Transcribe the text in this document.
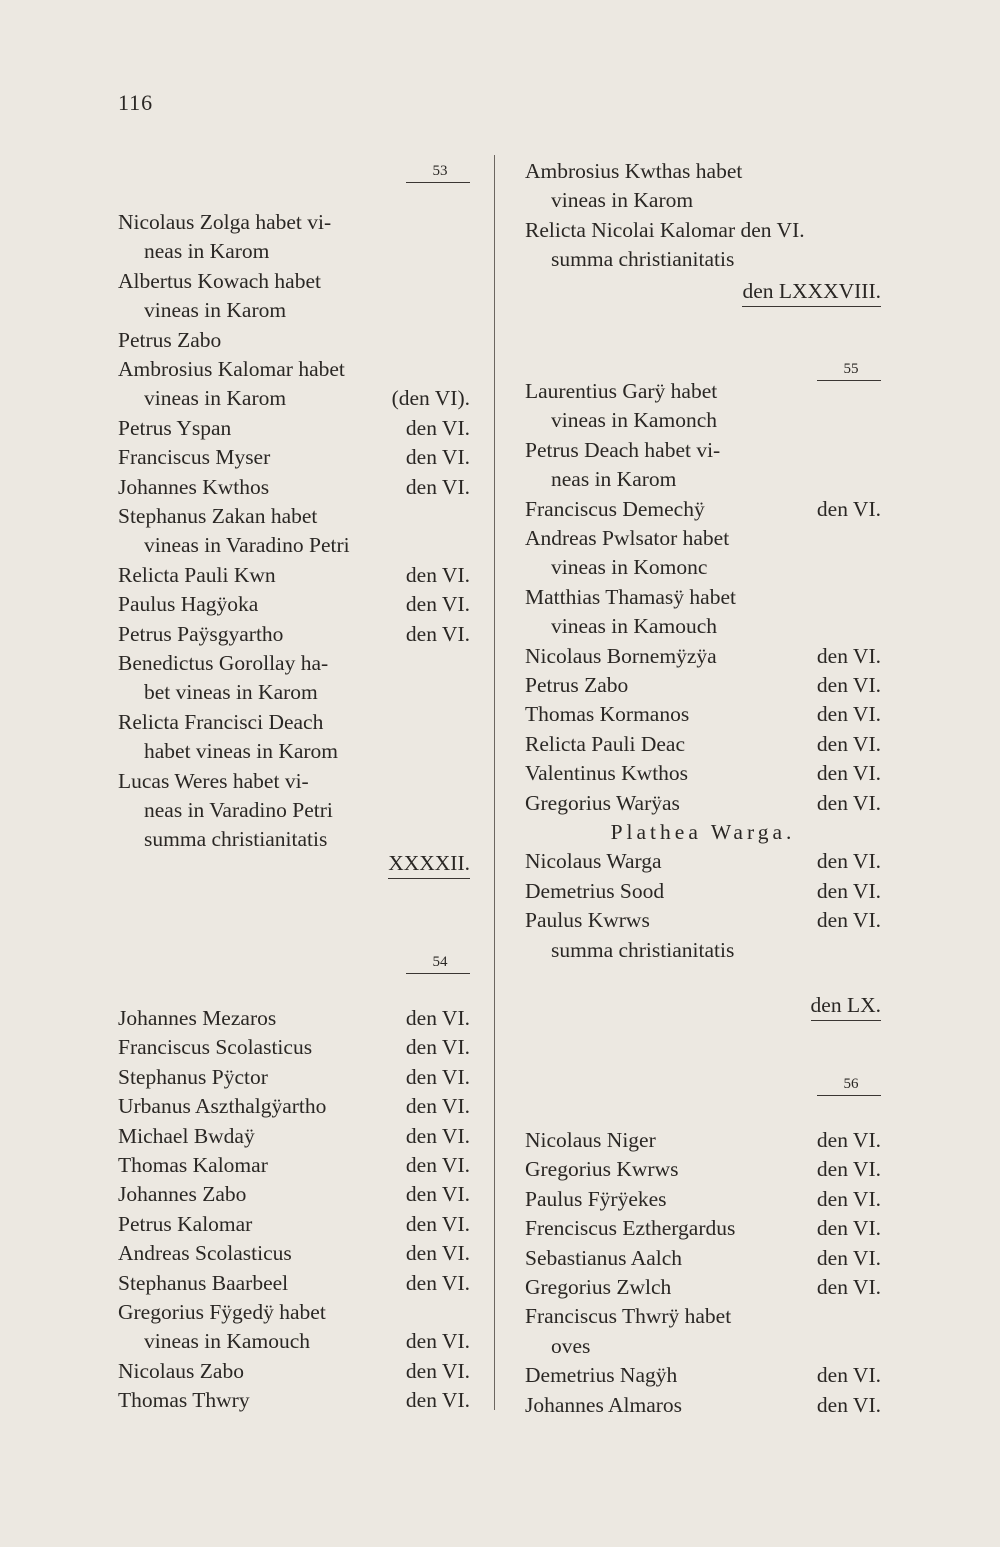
116
53
Nicolaus Zolga habet vi-
neas in Karom
Albertus Kowach habet
vineas in Karom
Petrus Zabo
Ambrosius Kalomar habet
vineas in Karom	(den VI).
Petrus Yspan	den VI.
Franciscus Myser	den VI.
Johannes Kwthos	den VI.
Stephanus Zakan habet
vineas in Varadino Petri
Relicta Pauli Kwn	den VI.
Paulus Hagÿoka	den VI.
Petrus Paÿsgyartho	den VI.
Benedictus Gorollay ha-
bet vineas in Karom
Relicta Francisci Deach
habet vineas in Karom
Lucas Weres habet vi-
neas in Varadino Petri
summa christianitatis
XXXXII.
54
Johannes Mezaros	den VI.
Franciscus Scolasticus	den VI.
Stephanus Pÿctor	den VI.
Urbanus Aszthalgÿartho	den VI.
Michael Bwdaÿ	den VI.
Thomas Kalomar	den VI.
Johannes Zabo	den VI.
Petrus Kalomar	den VI.
Andreas Scolasticus	den VI.
Stephanus Baarbeel	den VI.
Gregorius Fÿgedÿ habet
vineas in Kamouch	den VI.
Nicolaus Zabo	den VI.
Thomas Thwry	den VI.
Ambrosius Kwthas habet
vineas in Karom
Relicta Nicolai Kalomar den VI.
summa christianitatis
den LXXXVIII.
55
Laurentius Garÿ habet
vineas in Kamonch
Petrus Deach habet vi-
neas in Karom
Franciscus Demechÿ	den VI.
Andreas Pwlsator habet
vineas in Komonc
Matthias Thamasÿ habet
vineas in Kamouch
Nicolaus Bornemÿzÿa	den VI.
Petrus Zabo	den VI.
Thomas Kormanos	den VI.
Relicta Pauli Deac	den VI.
Valentinus Kwthos	den VI.
Gregorius Warÿas	den VI.
Plathea Warga.
Nicolaus Warga	den VI.
Demetrius Sood	den VI.
Paulus Kwrws	den VI.
summa christianitatis
den LX.
56
Nicolaus Niger	den VI.
Gregorius Kwrws	den VI.
Paulus Fÿrÿekes	den VI.
Frenciscus Ezthergardus	den VI.
Sebastianus Aalch	den VI.
Gregorius Zwlch	den VI.
Franciscus Thwrÿ habet
oves
Demetrius Nagÿh	den VI.
Johannes Almaros	den VI.
